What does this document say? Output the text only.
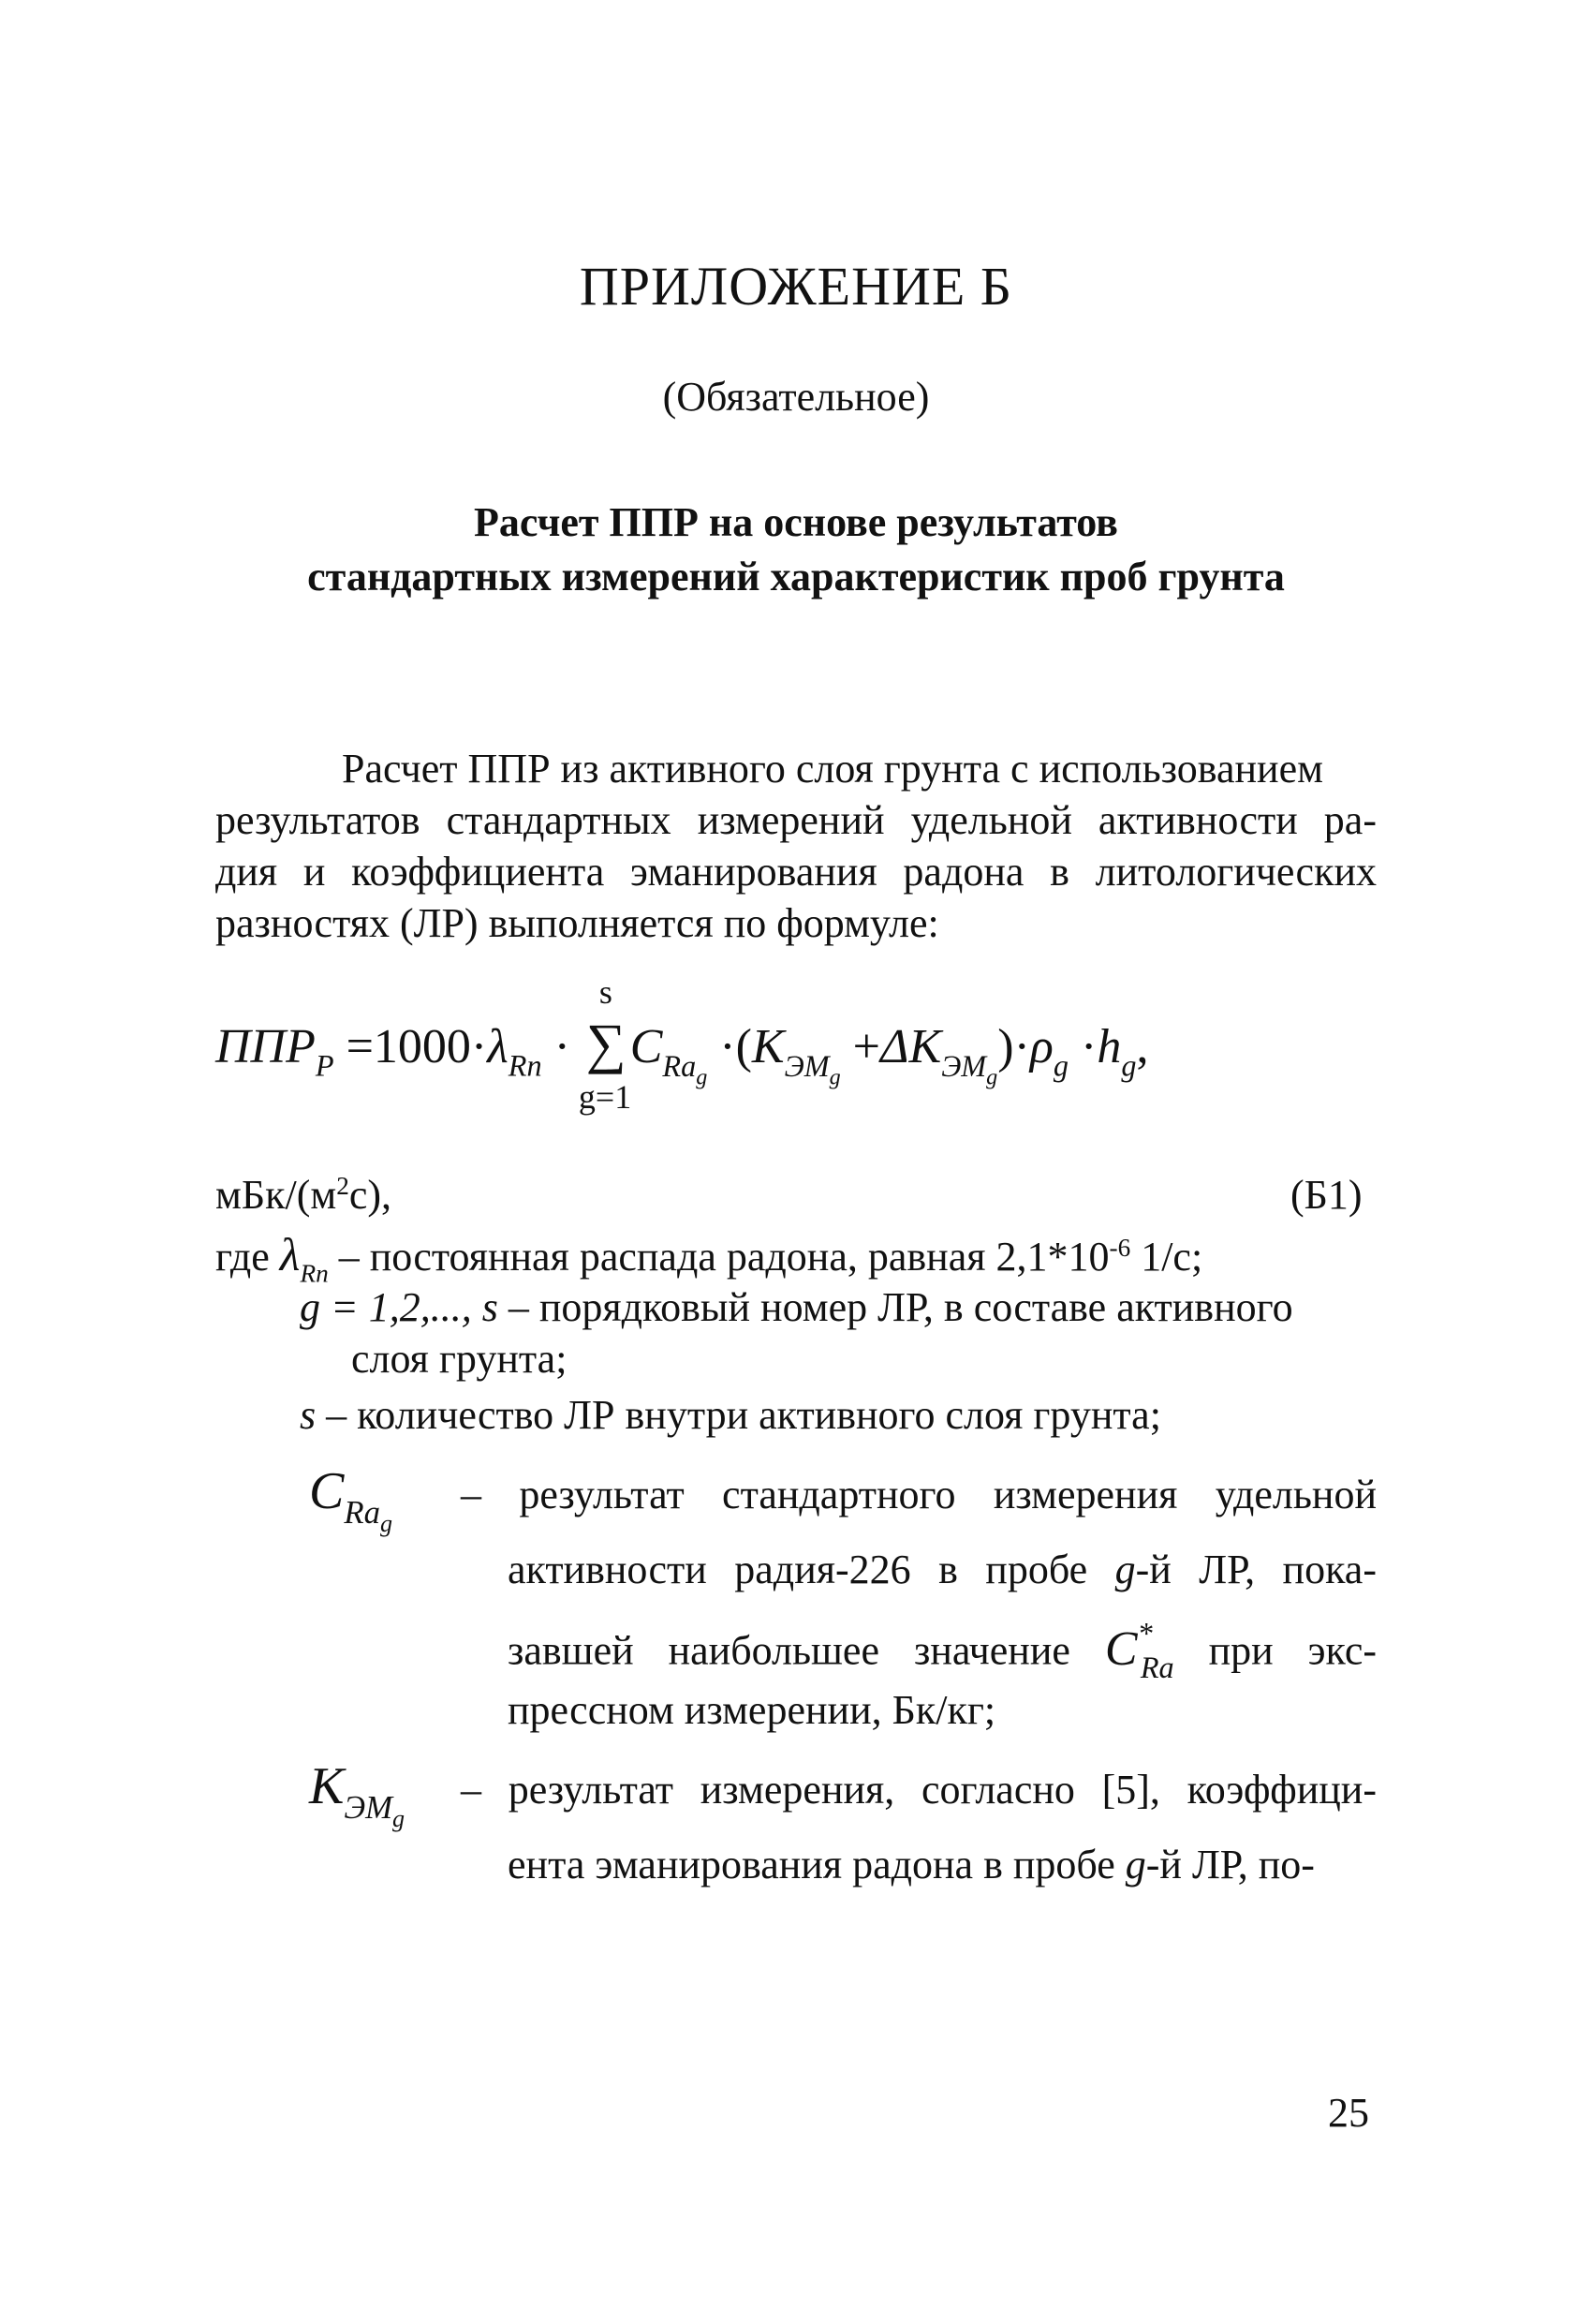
ПРИЛОЖЕНИЕ Б
(Обязательное)
Расчет ППР на основе результатов
стандартных измерений характеристик проб грунта
Расчет ППР из активного слоя грунта с использованием
результатов стандартных измерений удельной активности ра-
дия и коэффициента эманирования радона в литологических
разностях (ЛР) выполняется по формуле:
$ППР_Р =1000\cdot\lambda_{Rn}$ · ∑
s
g=1
$C_{Ra_g} \cdot(K_{ЭМ_g} +\Delta K_{ЭМ_g})\cdot\rho_g \cdot h_g$,
мБк/$(м^2с)$,	(Б1)
где $\lambda_{Rn}$ – постоянная распада радона, равная $2,1*10^{-6}$ 1/с;
g = 1,2,..., s – порядковый номер ЛР, в составе активного
слоя грунта;
s – количество ЛР внутри активного слоя грунта;
$C_{Ra_g}$
– результат стандартного измерения удельной
активности радия-226 в пробе g-й ЛР, пока-
завшей наибольшее значение $C^*_{Ra}$ при экс-
прессном измерении, Бк/кг;
$K_{ЭМ_g}$
– результат измерения, согласно [5], коэффици-
ента эманирования радона в пробе g-й ЛР, по-
25
